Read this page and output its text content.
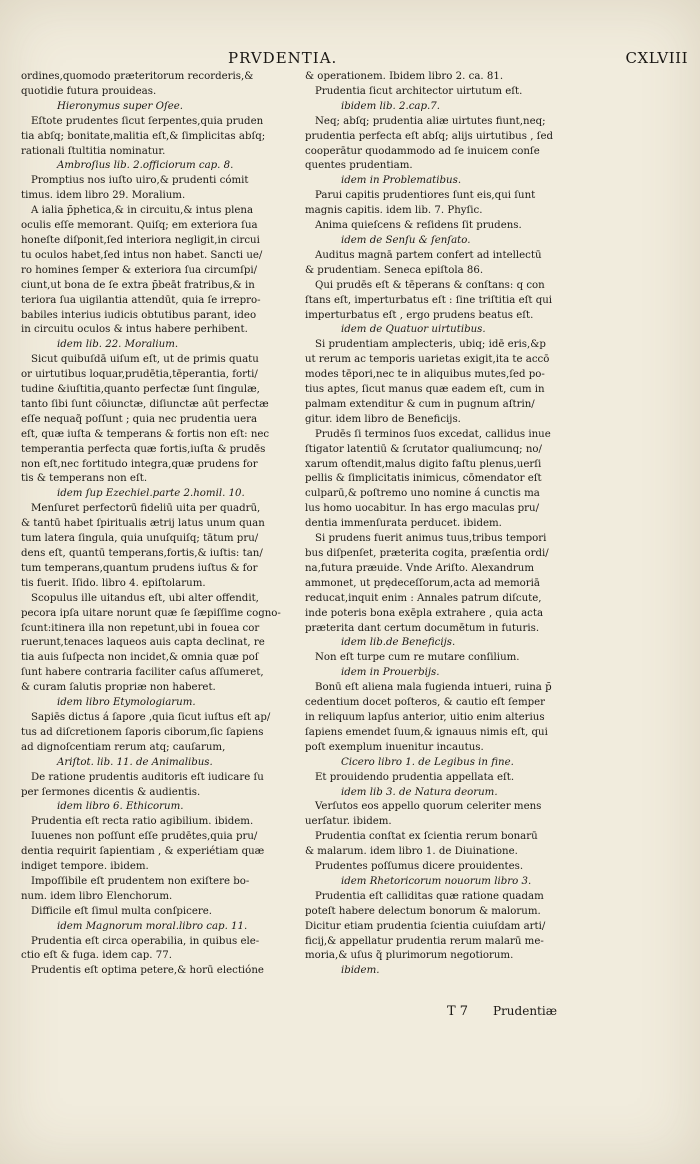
PRVDENTIA.	CXLVIII
ordines,quomodo præteritorum recorderis,&
quotidie futura prouideas.
Hieronymus super Oſee.
Eſtote prudentes ſicut ſerpentes,quia pruden
tia abſq; bonitate,malitia eſt,& ſimplicitas abſq;
rationali ſtultitia nominatur.
Ambroſius lib. 2.officiorum cap. 8.
Promptius nos iuſto uiro,& prudenti cómit
timus. idem libro 29. Moralium.
A ialia p̄phetica,& in circuitu,& intus plena
oculis eſſe memorant. Quiſq; em exteriora ſua
honeſte diſponit,ſed interiora negligit,in circui
tu oculos habet,ſed intus non habet. Sancti ue/
ro homines ſemper & exteriora ſua circumſpi/
ciunt,ut bona de ſe extra p̄beāt fratribus,& in
teriora ſua uigilantia attendūt, quia ſe irrepro-
babiles interius iudicis obtutibus parant, ideo
in circuitu oculos & intus habere perhibent.
idem lib. 22. Moralium.
Sicut quibuſdā uiſum eſt, ut de primis quatu
or uirtutibus loquar,prudētia,tēperantia, forti/
tudine &iuſtitia,quanto perfectæ ſunt ſingulæ,
tanto ſibi ſunt cōiunctæ, diſiunctæ aūt perfectæ
eſſe nequaq̃ poſſunt ; quia nec prudentia uera
eſt, quæ iuſta & temperans & fortis non eſt: nec
temperantia perfecta quæ fortis,iuſta & prudēs
non eſt,nec fortitudo integra,quæ prudens for
tis & temperans non eſt.
idem ſup Ezechiel.parte 2.homil. 10.
Menſuret perfectorū fideliū uita per quadrū,
& tantū habet ſpiritualis ætrij latus unum quan
tum latera ſingula, quia unuſquiſq; tātum pru/
dens eſt, quantū temperans,fortis,& iuſtis: tan/
tum temperans,quantum prudens iuſtus & for
tis fuerit. Iſido. libro 4. epiſtolarum.
Scopulus ille uitandus eſt, ubi alter offendit,
pecora ipſa uitare norunt quæ ſe ſæpiſſime cogno-
ſcunt:itinera illa non repetunt,ubi in fouea cor
ruerunt,tenaces laqueos auis capta declinat, re
tia auis ſuſpecta non incidet,& omnia quæ poſ
ſunt habere contraria faciliter caſus aſſumeret,
& curam ſalutis propriæ non haberet.
idem libro Etymologiarum.
Sapiēs dictus á ſapore ,quia ſicut iuſtus eſt ap/
tus ad diſcretionem ſaporis ciborum,ſic ſapiens
ad dignoſcentiam rerum atq; cauſarum,
Ariſtot. lib. 11. de Animalibus.
De ratione prudentis auditoris eſt iudicare ſu
per ſermones dicentis & audientis.
idem libro 6. Ethicorum.
Prudentia eſt recta ratio agibilium. ibidem.
Iuuenes non poſſunt eſſe prudētes,quia pru/
dentia requirit ſapientiam , & experiétiam quæ
indiget tempore. ibidem.
Impoſſibile eſt prudentem non exiſtere bo-
num. idem libro Elenchorum.
Difficile eſt ſimul multa conſpicere.
idem Magnorum moral.libro cap. 11.
Prudentia eſt circa operabilia, in quibus ele-
ctio eſt & fuga. idem cap. 77.
Prudentis eſt optima petere,& horū electióne
& operationem. Ibidem libro 2. ca. 81.
Prudentia ſicut architector uirtutum eſt.
ibidem lib. 2.cap.7.
Neq; abſq; prudentia aliæ uirtutes fiunt,neq;
prudentia perfecta eſt abſq; alijs uirtutibus , ſed
cooperātur quodammodo ad ſe inuicem conſe
quentes prudentiam.
idem in Problematibus.
Parui capitis prudentiores ſunt eis,qui ſunt
magnis capitis. idem lib. 7. Phyſic.
Anima quieſcens & reſidens ſit prudens.
idem de Senſu & ſenſato.
Auditus magnā partem confert ad intellectū
& prudentiam. Seneca epiſtola 86.
Qui prudēs eſt & tēperans & conſtans: q con
ſtans eſt, imperturbatus eſt : ſine triſtitia eſt qui
imperturbatus eſt , ergo prudens beatus eſt.
idem de Quatuor uirtutibus.
Si prudentiam amplecteris, ubiq; idē eris,&p
ut rerum ac temporis uarietas exigit,ita te accō
modes tēpori,nec te in aliquibus mutes,ſed po-
tius aptes, ſicut manus quæ eadem eſt, cum in
palmam extenditur & cum in pugnum aſtrin/
gitur. idem libro de Beneficijs.
Prudēs ſi terminos ſuos excedat, callidus inue
ſtigator latentiū & ſcrutator qualiumcunq; no/
xarum oſtendit,malus digito faſtu plenus,uerſi
pellis & ſimplicitatis inimicus, cōmendator eſt
culparū,& poſtremo uno nomine á cunctis ma
lus homo uocabitur. In has ergo maculas pru/
dentia immenſurata perducet. ibidem.
Si prudens fuerit animus tuus,tribus tempori
bus diſpenſet, præterita cogita, præſentia ordi/
na,futura præuide. Vnde Ariſto. Alexandrum
ammonet, ut prędeceſſorum,acta ad memoriā
reducat,inquit enim : Annales patrum diſcute,
inde poteris bona exēpla extrahere , quia acta
præterita dant certum documētum in futuris.
idem lib.de Beneficijs.
Non eſt turpe cum re mutare conſilium.
idem in Prouerbijs.
Bonū eſt aliena mala fugienda intueri, ruina p̄
cedentium docet poſteros, & cautio eſt ſemper
in reliquum lapſus anterior, uitio enim alterius
ſapiens emendet ſuum,& ignauus nimis eſt, qui
poſt exemplum inuenitur incautus.
Cicero libro 1. de Legibus in fine.
Et prouidendo prudentia appellata eſt.
idem lib 3. de Natura deorum.
Verſutos eos appello quorum celeriter mens
uerſatur. ibidem.
Prudentia conſtat ex ſcientia rerum bonarū
& malarum. idem libro 1. de Diuinatione.
Prudentes poſſumus dicere prouidentes.
idem Rhetoricorum nouorum libro 3.
Prudentia eſt calliditas quæ ratione quadam
poteſt habere delectum bonorum & malorum.
Dicitur etiam prudentia ſcientia cuiuſdam arti/
ficij,& appellatur prudentia rerum malarū me-
moria,& uſus q̃ plurimorum negotiorum.
ibidem.
T 7 Prudentiæ
